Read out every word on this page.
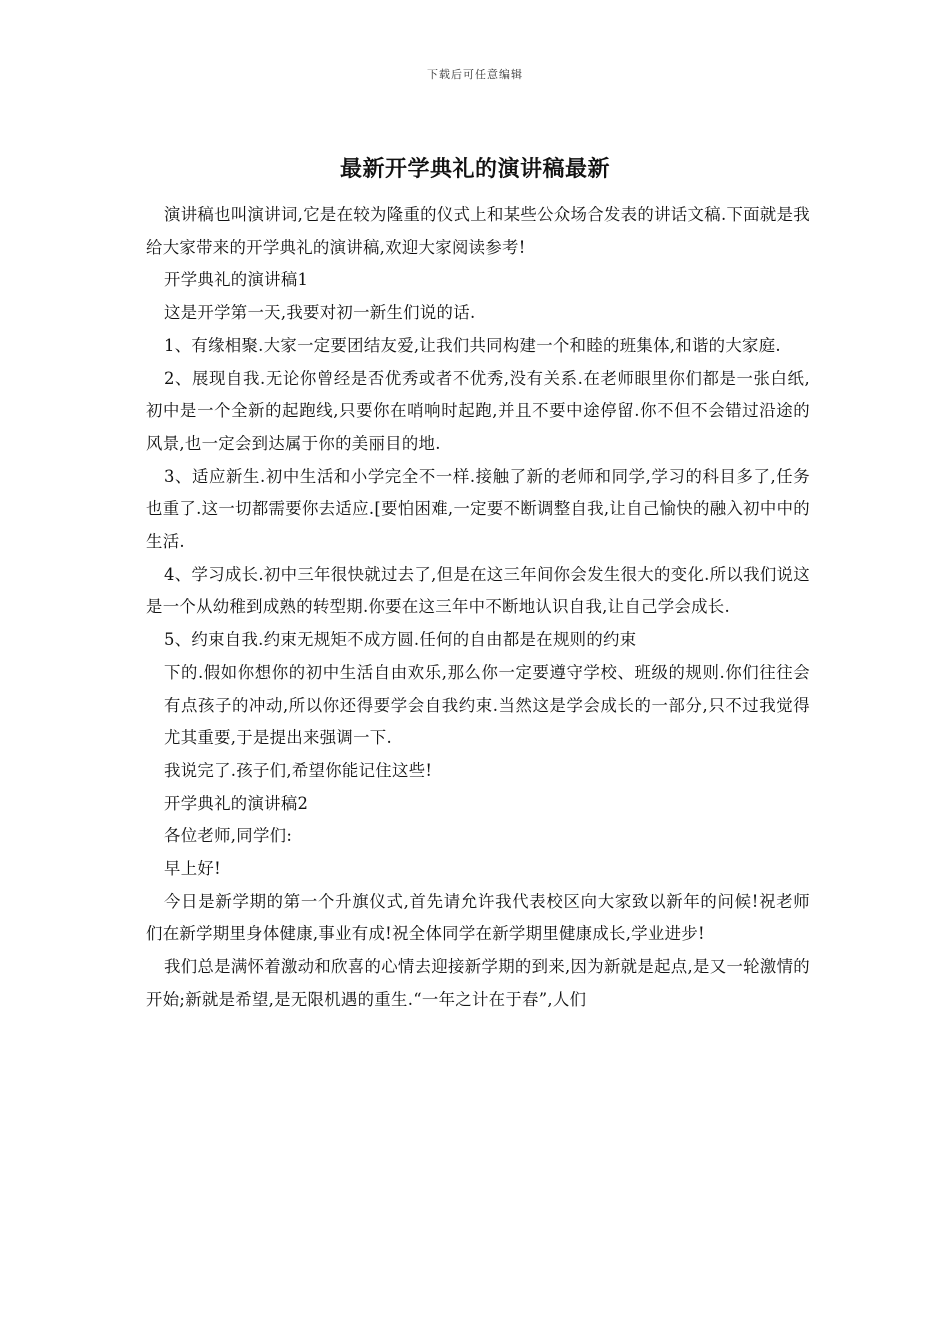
下载后可任意编辑
最新开学典礼的演讲稿最新

演讲稿也叫演讲词,它是在较为隆重的仪式上和某些公众场合发表的讲话文稿.下面就是我给大家带来的开学典礼的演讲稿,欢迎大家阅读参考!

开学典礼的演讲稿1

这是开学第一天,我要对初一新生们说的话.

1、有缘相聚.大家一定要团结友爱,让我们共同构建一个和睦的班集体,和谐的大家庭.

2、展现自我.无论你曾经是否优秀或者不优秀,没有关系.在老师眼里你们都是一张白纸,初中是一个全新的起跑线,只要你在哨响时起跑,并且不要中途停留.你不但不会错过沿途的风景,也一定会到达属于你的美丽目的地.

3、适应新生.初中生活和小学完全不一样.接触了新的老师和同学,学习的科目多了,任务也重了.这一切都需要你去适应.[要怕困难,一定要不断调整自我,让自己愉快的融入初中中的生活.

4、学习成长.初中三年很快就过去了,但是在这三年间你会发生很大的变化.所以我们说这是一个从幼稚到成熟的转型期.你要在这三年中不断地认识自我,让自己学会成长.

5、约束自我.约束无规矩不成方圆.任何的自由都是在规则的约束

下的.假如你想你的初中生活自由欢乐,那么你一定要遵守学校、班级的规则.你们往往会有点孩子的冲动,所以你还得要学会自我约束.当然这是学会成长的一部分,只不过我觉得尤其重要,于是提出来强调一下.

我说完了.孩子们,希望你能记住这些!

开学典礼的演讲稿2

各位老师,同学们:

早上好!

今日是新学期的第一个升旗仪式,首先请允许我代表校区向大家致以新年的问候!祝老师们在新学期里身体健康,事业有成!祝全体同学在新学期里健康成长,学业进步!

我们总是满怀着激动和欣喜的心情去迎接新学期的到来,因为新就是起点,是又一轮激情的开始;新就是希望,是无限机遇的重生.“一年之计在于春”,人们
